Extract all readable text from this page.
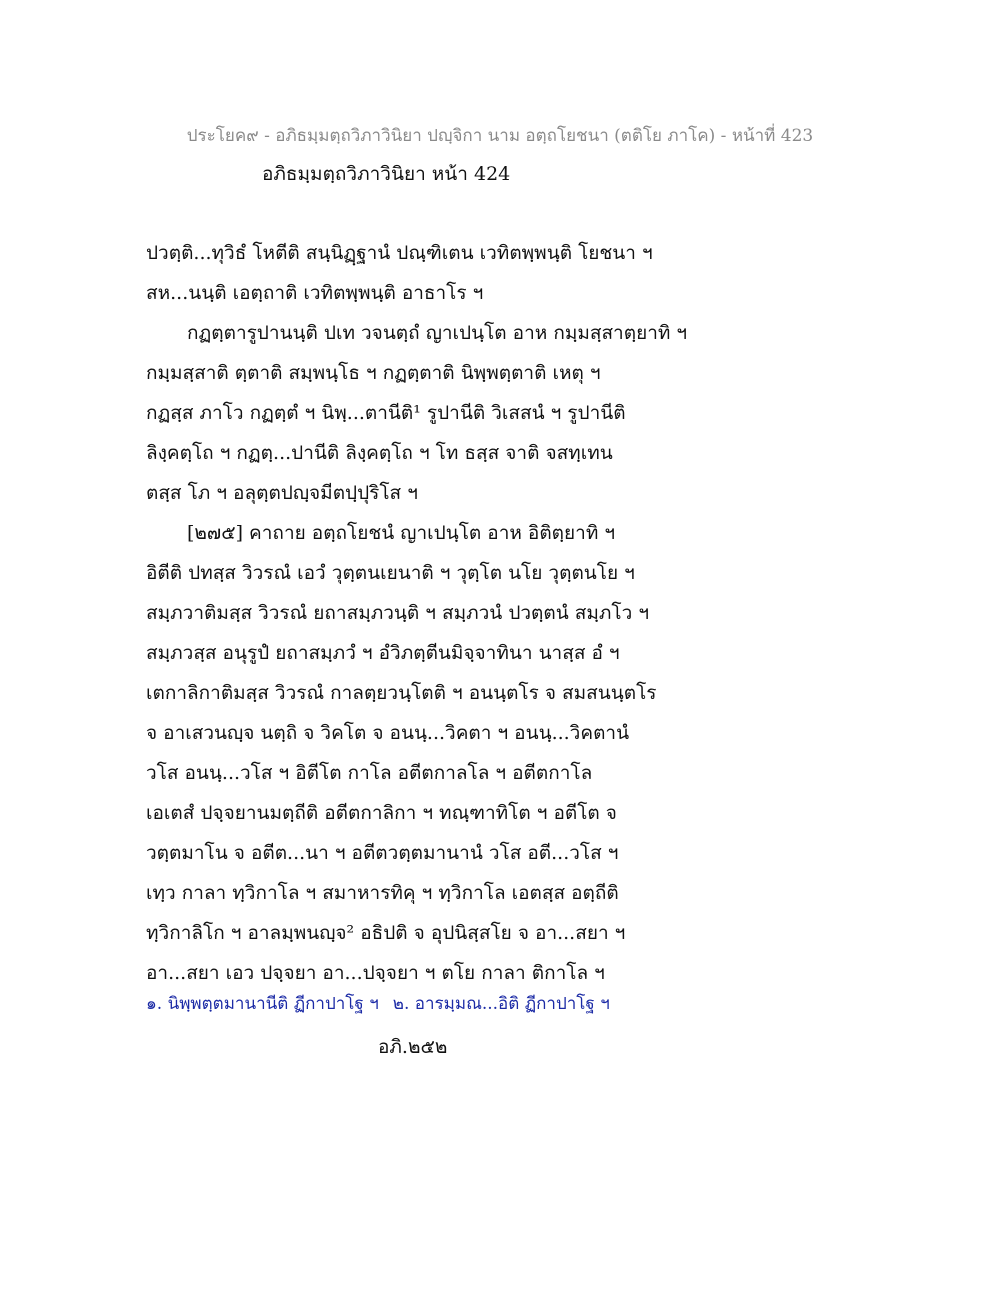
ประโยค๙ - อภิธมฺมตฺถวิภาวินิยา ปญฺจิกา นาม อตฺถโยชนา (ตติโย ภาโค) - หน้าที่ 423
อภิธมฺมตฺถวิภาวินิยา หน้า 424
ปวตฺติ...ทุวิธํ โหตีติ สนฺนิฏฺฐานํ ปณฺฑิเตน เวทิตพฺพนฺติ โยชนา ฯ
สห...นนฺติ เอตฺถาติ เวทิตพฺพนฺติ อาธาโร ฯ
กฏตฺตารูปานนฺติ ปเท วจนตฺถํ ญาเปนฺโต อาห กมฺมสฺสาตฺยาทิ ฯ
กมฺมสฺสาติ ตฺตาติ สมฺพนฺโธ ฯ กฏตฺตาติ นิพฺพตฺตาติ เหตุ ฯ
กฏสฺส ภาโว กฏตฺตํ ฯ นิพฺ...ตานีติ¹ รูปานีติ วิเสสนํ ฯ รูปานีติ
ลิงฺคตฺโถ ฯ กฏตฺ...ปานีติ ลิงฺคตฺโถ ฯ โท ธสฺส จาติ จสทฺเทน
ตสฺส โภ ฯ อลุตฺตปญฺจมีตปฺปุริโส ฯ
[๒๗๕] คาถาย อตฺถโยชนํ ญาเปนฺโต อาห อิติตฺยาทิ ฯ
อิตีติ ปทสฺส วิวรณํ เอวํ วุตฺตนเยนาติ ฯ วุตฺโต นโย วุตฺตนโย ฯ
สมฺภวาติมสฺส วิวรณํ ยถาสมฺภวนฺติ ฯ สมฺภวนํ ปวตฺตนํ สมฺภโว ฯ
สมฺภวสฺส อนุรูปํ ยถาสมฺภวํ ฯ อํวิภตฺตีนมิจฺจาทินา นาสฺส อํ ฯ
เตกาลิกาติมสฺส วิวรณํ กาลตฺยวนฺโตติ ฯ อนนฺตโร จ สมสนนฺตโร
จ อาเสวนญฺจ นตฺถิ จ วิคโต จ อนนฺ...วิคตา ฯ อนนฺ...วิคตานํ
วโส อนนฺ...วโส ฯ อิตีโต กาโล อตีตกาลโล ฯ อตีตกาโล
เอเตสํ ปจฺจยานมตฺถีติ อตีตกาลิกา ฯ ทณฺฑาทิโต ฯ อตีโต จ
วตฺตมาโน จ อตีต...นา ฯ อตีตวตฺตมานานํ วโส อตี...วโส ฯ
เทฺว กาลา ทฺวิกาโล ฯ สมาหารทิคุ ฯ ทฺวิกาโล เอตสฺส อตฺถีติ
ทฺวิกาลิโก ฯ อาลมฺพนญฺจ² อธิปติ จ อุปนิสฺสโย จ อา...สยา ฯ
อา...สยา เอว ปจฺจยา อา...ปจฺจยา ฯ ตโย กาลา ติกาโล ฯ
๑. นิพฺพตฺตมานานีติ ฏีกาปาโฐ ฯ ๒. อารมฺมณ...อิติ ฏีกาปาโฐ ฯ
อภิ.๒๕๒
